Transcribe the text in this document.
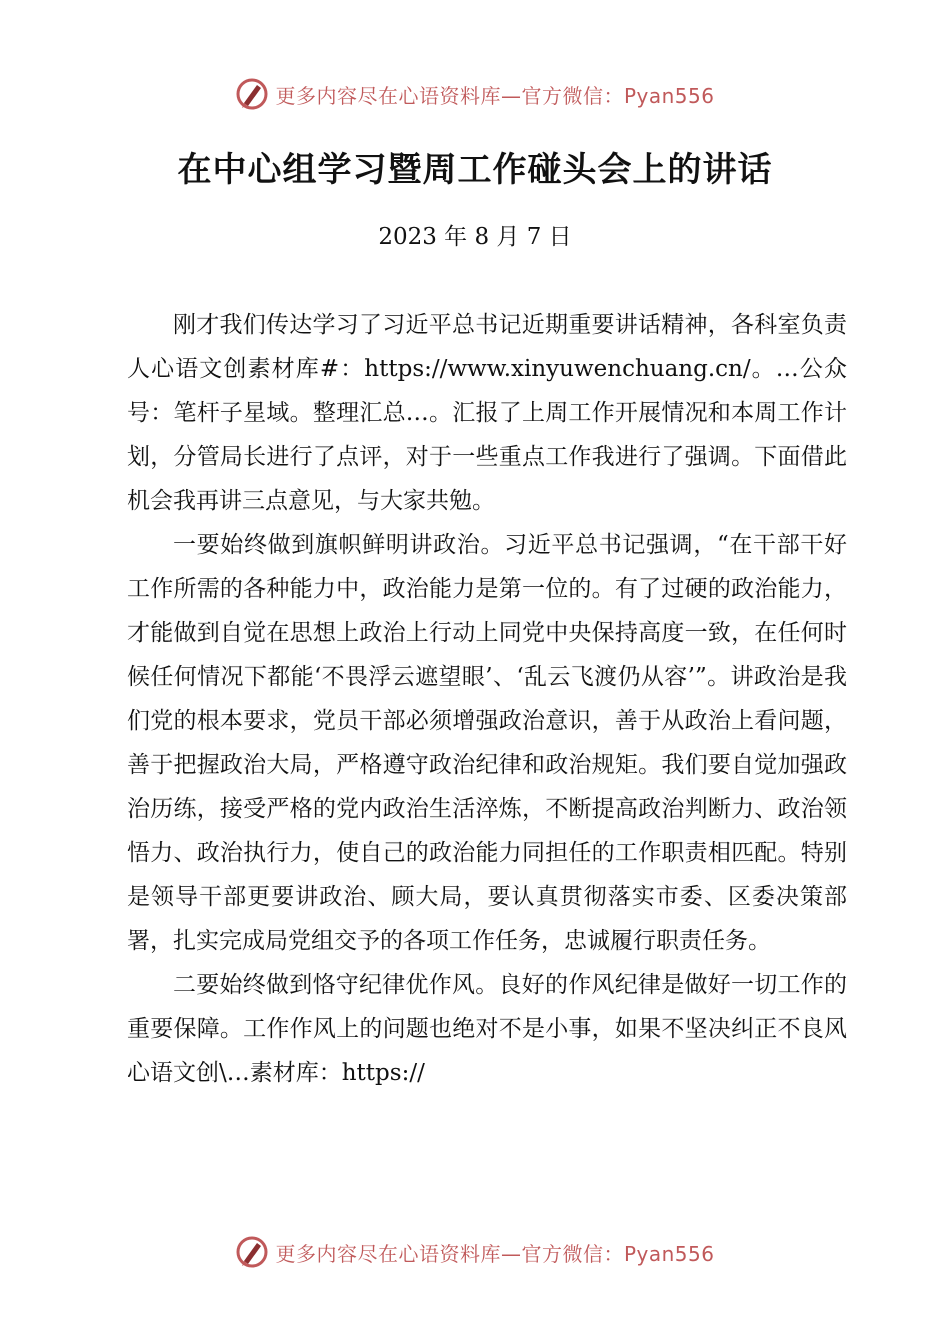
更多内容尽在心语资料库—官方微信：Pyan556
在中心组学习暨周工作碰头会上的讲话
2023 年 8 月 7 日

刚才我们传达学习了习近平总书记近期重要讲话精神，各科室负责人心语文创素材库#：https://www.xinyuwenchuang.cn/。…公众号：笔杆子星域。整理汇总…。汇报了上周工作开展情况和本周工作计划，分管局长进行了点评，对于一些重点工作我进行了强调。下面借此机会我再讲三点意见，与大家共勉。

一要始终做到旗帜鲜明讲政治。习近平总书记强调，“在干部干好工作所需的各种能力中，政治能力是第一位的。有了过硬的政治能力，才能做到自觉在思想上政治上行动上同党中央保持高度一致，在任何时候任何情况下都能‘不畏浮云遮望眼’、‘乱云飞渡仍从容’”。讲政治是我们党的根本要求，党员干部必须增强政治意识，善于从政治上看问题，善于把握政治大局，严格遵守政治纪律和政治规矩。我们要自觉加强政治历练，接受严格的党内政治生活淬炼，不断提高政治判断力、政治领悟力、政治执行力，使自己的政治能力同担任的工作职责相匹配。特别是领导干部更要讲政治、顾大局，要认真贯彻落实市委、区委决策部署，扎实完成局党组交予的各项工作任务，忠诚履行职责任务。

二要始终做到恪守纪律优作风。良好的作风纪律是做好一切工作的重要保障。工作作风上的问题也绝对不是小事，如果不坚决纠正不良风心语文创\…素材库：https://

更多内容尽在心语资料库—官方微信：Pyan556
